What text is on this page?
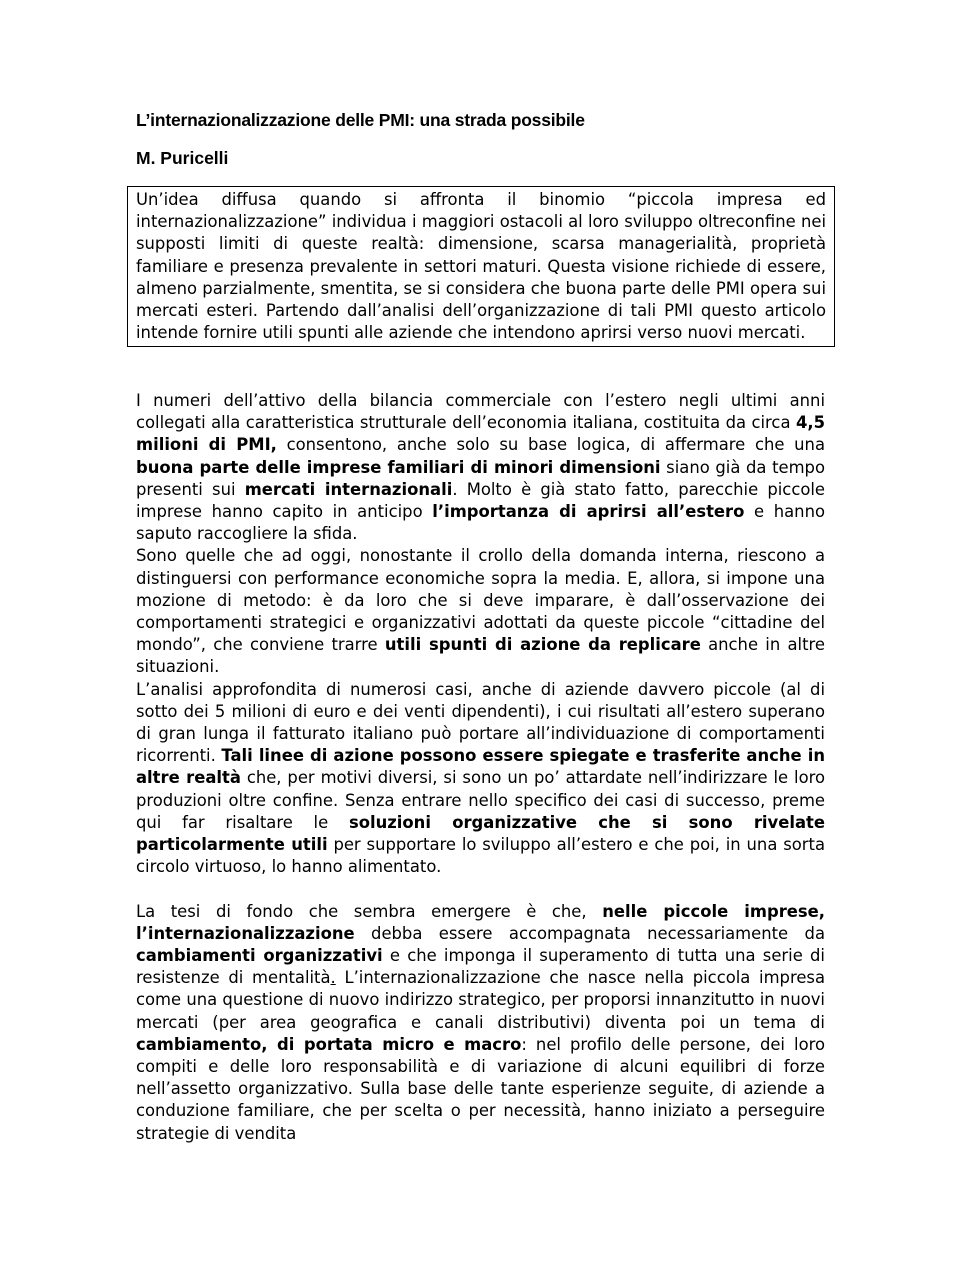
L’internazionalizzazione delle PMI: una strada possibile

M. Puricelli

Un’idea diffusa quando si affronta il binomio “piccola impresa ed internazionalizzazione” individua i maggiori ostacoli al loro sviluppo oltreconfine nei supposti limiti di queste realtà: dimensione, scarsa managerialità, proprietà familiare e presenza prevalente in settori maturi. Questa visione richiede di essere, almeno parzialmente, smentita, se si considera che buona parte delle PMI opera sui mercati esteri. Partendo dall’analisi dell’organizzazione di tali PMI questo articolo intende fornire utili spunti alle aziende che intendono aprirsi verso nuovi mercati.

I numeri dell’attivo della bilancia commerciale con l’estero negli ultimi anni collegati alla caratteristica strutturale dell’economia italiana, costituita da circa 4,5 milioni di PMI, consentono, anche solo su base logica, di affermare che una buona parte delle imprese familiari di minori dimensioni siano già da tempo presenti sui mercati internazionali. Molto è già stato fatto, parecchie piccole imprese hanno capito in anticipo l’importanza di aprirsi all’estero e hanno saputo raccogliere la sfida.

Sono quelle che ad oggi, nonostante il crollo della domanda interna, riescono a distinguersi con performance economiche sopra la media. E, allora, si impone una mozione di metodo: è da loro che si deve imparare, è dall’osservazione dei comportamenti strategici e organizzativi adottati da queste piccole “cittadine del mondo”, che conviene trarre utili spunti di azione da replicare anche in altre situazioni.

L’analisi approfondita di numerosi casi, anche di aziende davvero piccole (al di sotto dei 5 milioni di euro e dei venti dipendenti), i cui risultati all’estero superano di gran lunga il fatturato italiano può portare all’individuazione di comportamenti ricorrenti. Tali linee di azione possono essere spiegate e trasferite anche in altre realtà che, per motivi diversi, si sono un po’ attardate nell’indirizzare le loro produzioni oltre confine. Senza entrare nello specifico dei casi di successo, preme qui far risaltare le soluzioni organizzative che si sono rivelate particolarmente utili per supportare lo sviluppo all’estero e che poi, in una sorta circolo virtuoso, lo hanno alimentato.

La tesi di fondo che sembra emergere è che, nelle piccole imprese, l’internazionalizzazione debba essere accompagnata necessariamente da cambiamenti organizzativi e che imponga il superamento di tutta una serie di resistenze di mentalità. L’internazionalizzazione che nasce nella piccola impresa come una questione di nuovo indirizzo strategico, per proporsi innanzitutto in nuovi mercati (per area geografica e canali distributivi) diventa poi un tema di cambiamento, di portata micro e macro: nel profilo delle persone, dei loro compiti e delle loro responsabilità e di variazione di alcuni equilibri di forze nell’assetto organizzativo. Sulla base delle tante esperienze seguite, di aziende a conduzione familiare, che per scelta o per necessità, hanno iniziato a perseguire strategie di vendita
